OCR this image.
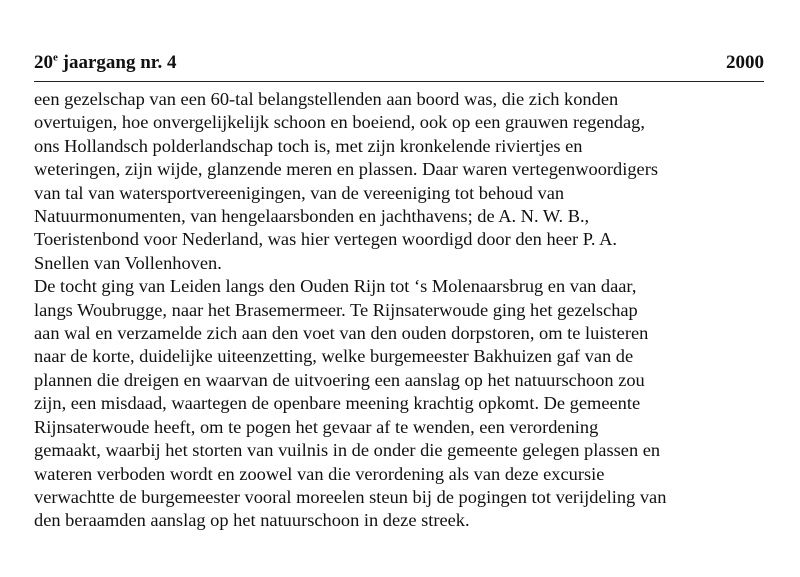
20e jaargang nr. 4	2000

een gezelschap van een 60-tal belangstellenden aan boord was, die zich konden

overtuigen, hoe onvergelijkelijk schoon en boeiend, ook op een grauwen regendag,

ons Hollandsch polderlandschap toch is, met zijn kronkelende riviertjes en

weteringen, zijn wijde, glanzende meren en plassen. Daar waren vertegenwoordigers

van tal van watersportvereenigingen, van de vereeniging tot behoud van

Natuurmonumenten, van hengelaarsbonden en jachthavens; de A. N. W. B.,

Toeristenbond voor Nederland, was hier vertegen woordigd door den heer P. A.

Snellen van Vollenhoven.

De tocht ging van Leiden langs den Ouden Rijn tot ‘s Molenaarsbrug en van daar,

langs Woubrugge, naar het Brasemermeer. Te Rijnsaterwoude ging het gezelschap

aan wal en verzamelde zich aan den voet van den ouden dorpstoren, om te luisteren

naar de korte, duidelijke uiteenzetting, welke burgemeester Bakhuizen gaf van de

plannen die dreigen en waarvan de uitvoering een aanslag op het natuurschoon zou

zijn, een misdaad, waartegen de openbare meening krachtig opkomt. De gemeente

Rijnsaterwoude heeft, om te pogen het gevaar af te wenden, een verordening

gemaakt, waarbij het storten van vuilnis in de onder die gemeente gelegen plassen en

wateren verboden wordt en zoowel van die verordening als van deze excursie

verwachtte de burgemeester vooral moreelen steun bij de pogingen tot verijdeling van

den beraamden aanslag op het natuurschoon in deze streek.
